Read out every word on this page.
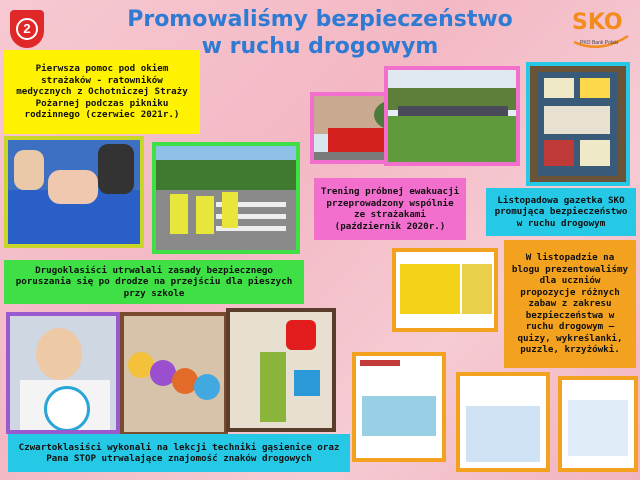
2	Promowaliśmy bezpieczeństwo
w ruchu drogowym
SKO
PKO Bank Polski
Pierwsza pomoc pod okiem strażaków - ratowników medycznych z Ochotniczej Straży Pożarnej podczas pikniku rodzinnego (czerwiec 2021r.)
Trening próbnej ewakuacji przeprowadzony wspólnie ze strażakami (październik 2020r.)
Listopadowa gazetka SKO promująca bezpieczeństwo w ruchu drogowym
Drugoklasiści utrwalali zasady bezpiecznego poruszania się po drodze na przejściu dla pieszych przy szkole
W listopadzie na blogu prezentowaliśmy dla uczniów propozycje różnych zabaw z zakresu bezpieczeństwa w ruchu drogowym – quizy, wykreślanki, puzzle, krzyżówki.
Czwartoklasiści wykonali na lekcji techniki gąsienice oraz Pana STOP utrwalające znajomość znaków drogowych
